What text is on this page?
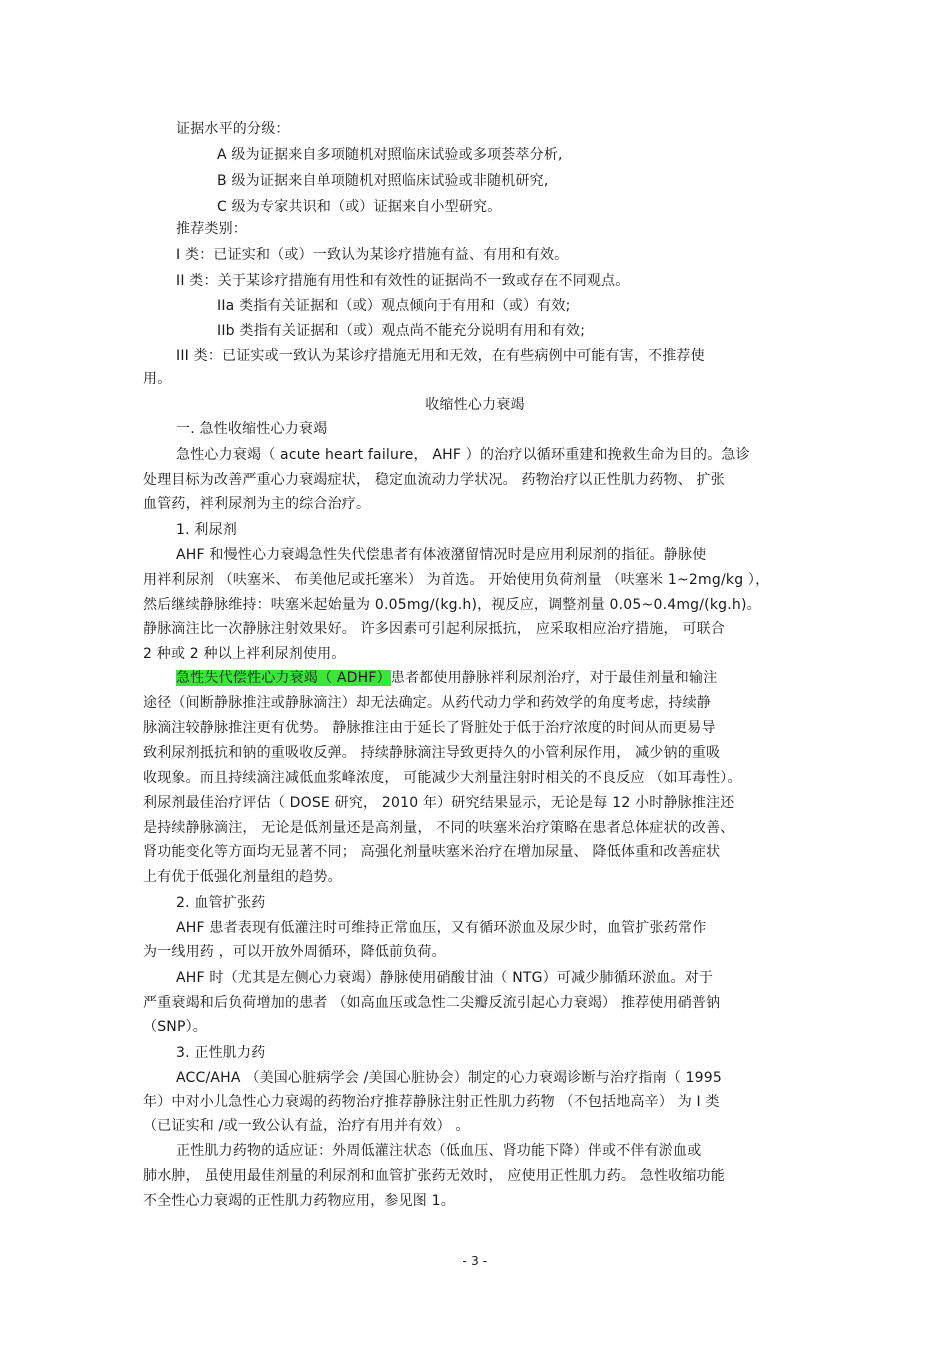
证据水平的分级：
A 级为证据来自多项随机对照临床试验或多项荟萃分析,
B 级为证据来自单项随机对照临床试验或非随机研究,
C 级为专家共识和（或）证据来自小型研究。
推荐类别：
I 类：已证实和（或）一致认为某诊疗措施有益、有用和有效。
II 类：关于某诊疗措施有用性和有效性的证据尚不一致或存在不同观点。
IIa 类指有关证据和（或）观点倾向于有用和（或）有效;
IIb 类指有关证据和（或）观点尚不能充分说明有用和有效;
III 类：已证实或一致认为某诊疗措施无用和无效，在有些病例中可能有害，不推荐使
用。
收缩性心力衰竭
一. 急性收缩性心力衰竭
急性心力衰竭（ acute heart failure， AHF ）的治疗以循环重建和挽救生命为目的。急诊
处理目标为改善严重心力衰竭症状， 稳定血流动力学状况。 药物治疗以正性肌力药物、 扩张
血管药，袢利尿剂为主的综合治疗。
1. 利尿剂
AHF 和慢性心力衰竭急性失代偿患者有体液潴留情况时是应用利尿剂的指征。静脉使
用袢利尿剂 （呋塞米、 布美他尼或托塞米） 为首选。 开始使用负荷剂量 （呋塞米 1~2mg/kg ），
然后继续静脉维持：呋塞米起始量为 0.05mg/(kg.h)，视反应，调整剂量 0.05~0.4mg/(kg.h)。
静脉滴注比一次静脉注射效果好。 许多因素可引起利尿抵抗， 应采取相应治疗措施， 可联合
2 种或 2 种以上袢利尿剂使用。
急性失代偿性心力衰竭（ ADHF）患者都使用静脉袢利尿剂治疗，对于最佳剂量和输注
途径（间断静脉推注或静脉滴注）却无法确定。从药代动力学和药效学的角度考虑，持续静
脉滴注较静脉推注更有优势。 静脉推注由于延长了肾脏处于低于治疗浓度的时间从而更易导
致利尿剂抵抗和钠的重吸收反弹。 持续静脉滴注导致更持久的小管利尿作用， 减少钠的重吸
收现象。而且持续滴注减低血浆峰浓度， 可能减少大剂量注射时相关的不良反应 （如耳毒性）。
利尿剂最佳治疗评估（ DOSE 研究， 2010 年）研究结果显示，无论是每 12 小时静脉推注还
是持续静脉滴注， 无论是低剂量还是高剂量， 不同的呋塞米治疗策略在患者总体症状的改善、
肾功能变化等方面均无显著不同； 高强化剂量呋塞米治疗在增加尿量、 降低体重和改善症状
上有优于低强化剂量组的趋势。
2. 血管扩张药
AHF 患者表现有低灌注时可维持正常血压，又有循环淤血及尿少时，血管扩张药常作
为一线用药 ，可以开放外周循环，降低前负荷。
AHF 时（尤其是左侧心力衰竭）静脉使用硝酸甘油（ NTG）可减少肺循环淤血。对于
严重衰竭和后负荷增加的患者 （如高血压或急性二尖瓣反流引起心力衰竭） 推荐使用硝普钠
（SNP）。
3. 正性肌力药
ACC/AHA （美国心脏病学会 /美国心脏协会）制定的心力衰竭诊断与治疗指南（ 1995
年）中对小儿急性心力衰竭的药物治疗推荐静脉注射正性肌力药物 （不包括地高辛） 为 I 类
（已证实和 /或一致公认有益，治疗有用并有效） 。
正性肌力药物的适应证：外周低灌注状态（低血压、肾功能下降）伴或不伴有淤血或
肺水肿， 虽使用最佳剂量的利尿剂和血管扩张药无效时， 应使用正性肌力药。 急性收缩功能
不全性心力衰竭的正性肌力药物应用，参见图 1。
- 3 -
